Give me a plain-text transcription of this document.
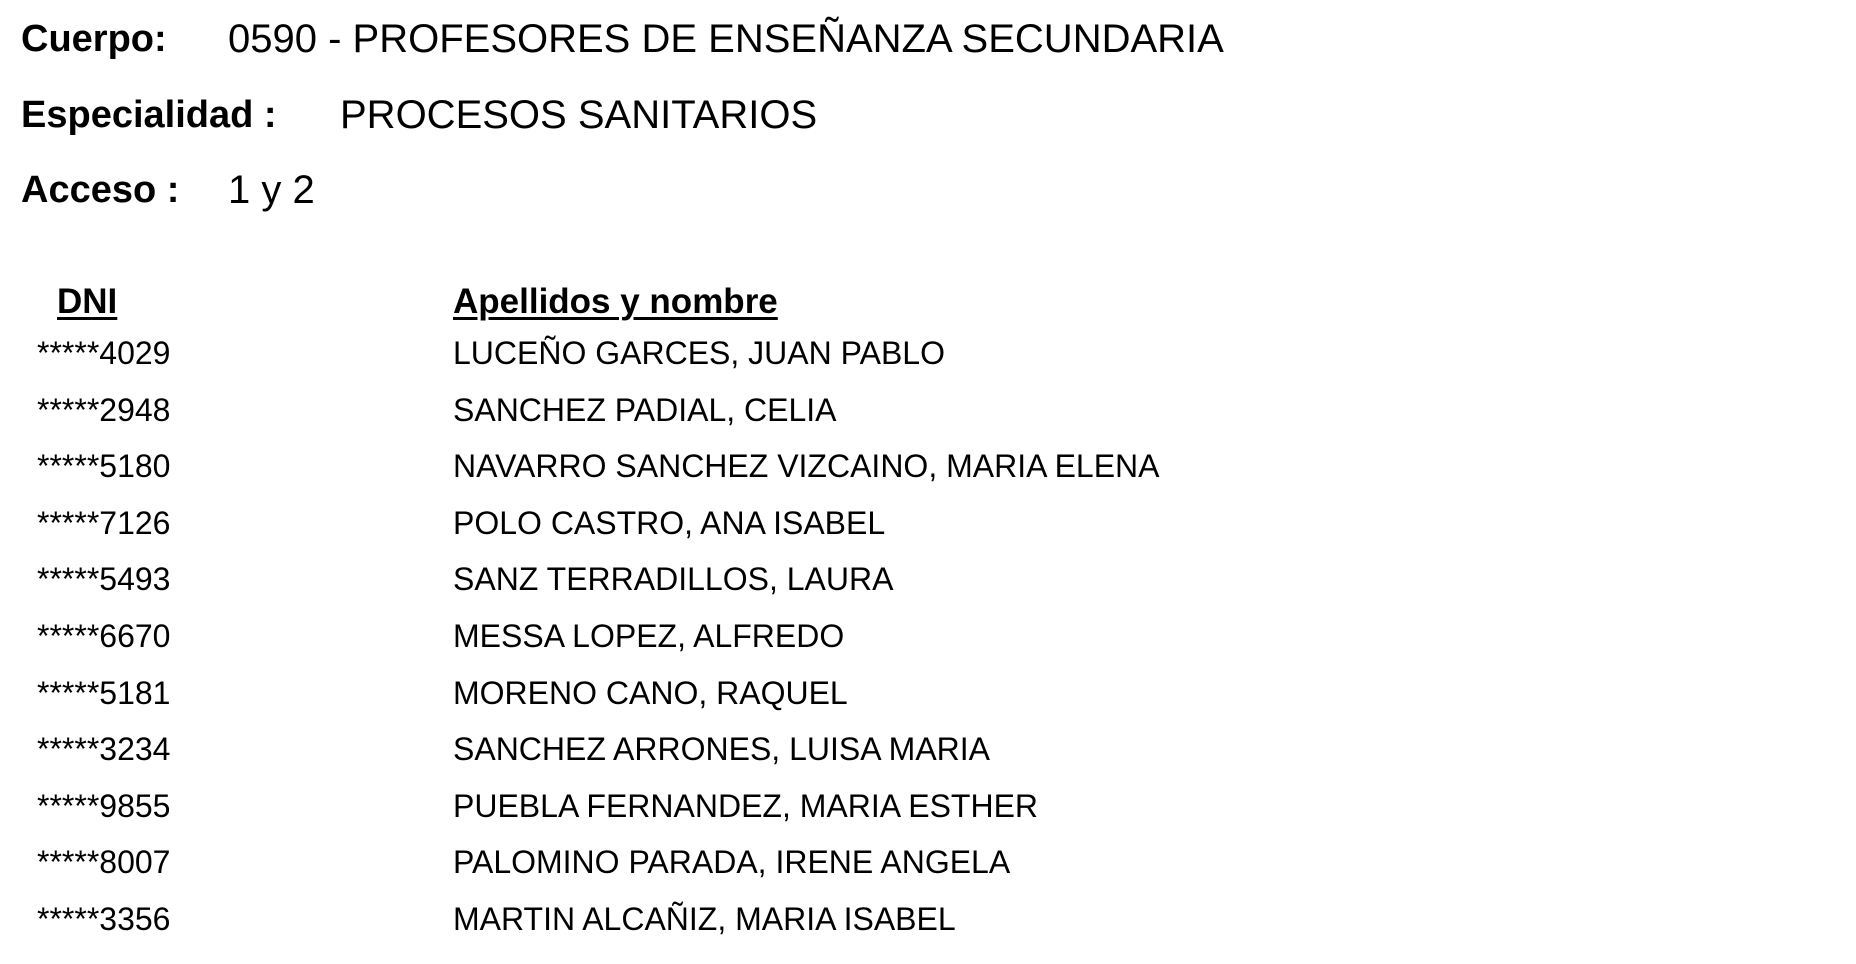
Cuerpo: 0590 - PROFESORES DE ENSEÑANZA SECUNDARIA
Especialidad : PROCESOS SANITARIOS
Acceso : 1 y 2
DNI	Apellidos y nombre
*****4029	LUCEÑO GARCES, JUAN PABLO
*****2948	SANCHEZ PADIAL, CELIA
*****5180	NAVARRO SANCHEZ VIZCAINO, MARIA ELENA
*****7126	POLO CASTRO, ANA ISABEL
*****5493	SANZ TERRADILLOS, LAURA
*****6670	MESSA LOPEZ, ALFREDO
*****5181	MORENO CANO, RAQUEL
*****3234	SANCHEZ ARRONES, LUISA MARIA
*****9855	PUEBLA FERNANDEZ, MARIA ESTHER
*****8007	PALOMINO PARADA, IRENE ANGELA
*****3356	MARTIN ALCAÑIZ, MARIA ISABEL
